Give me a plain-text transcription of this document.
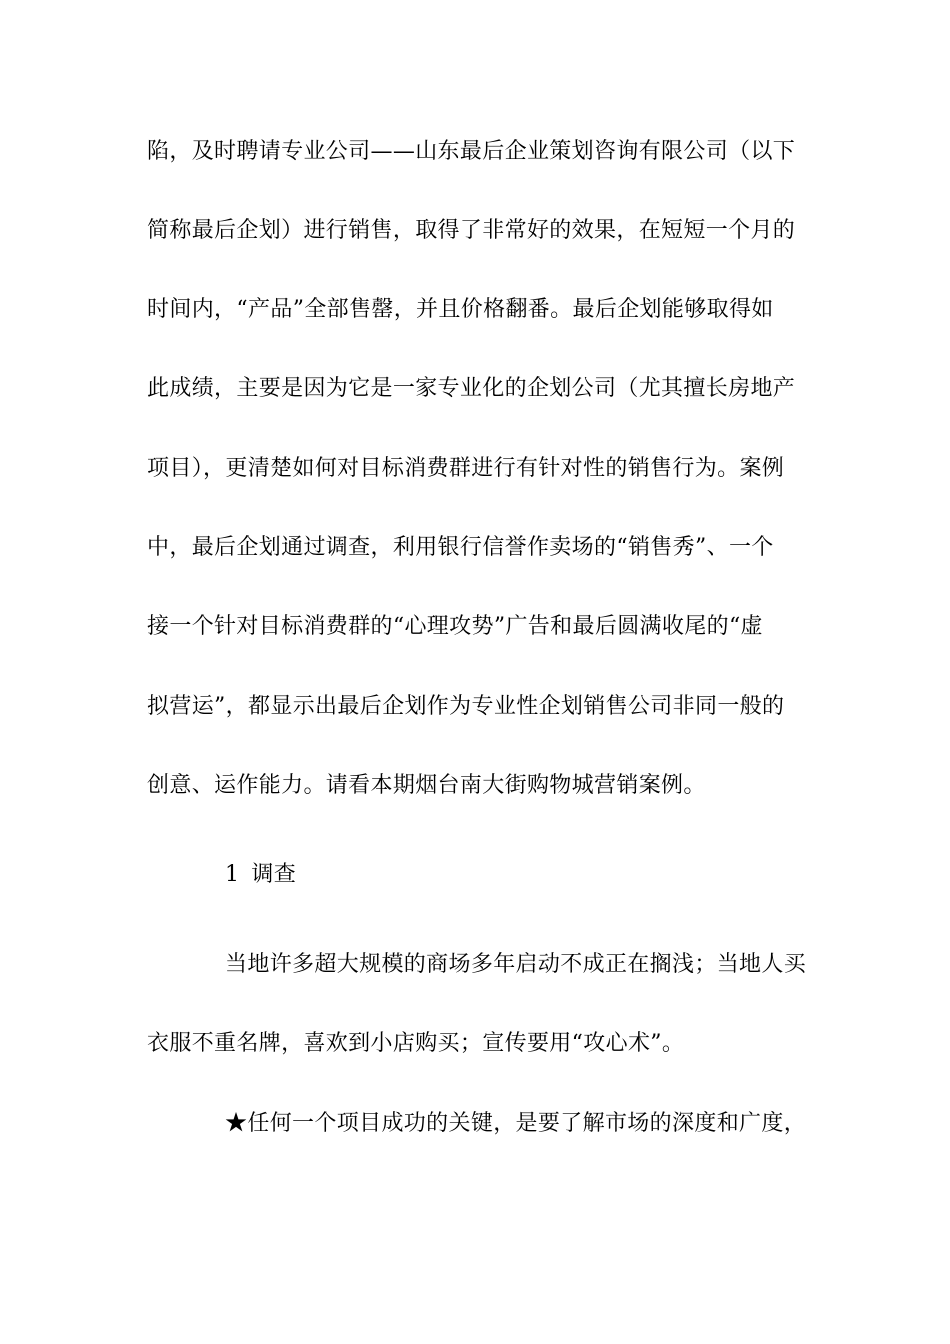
陷，及时聘请专业公司——山东最后企业策划咨询有限公司（以下
简称最后企划）进行销售，取得了非常好的效果，在短短一个月的
时间内，“产品”全部售罄，并且价格翻番。最后企划能够取得如
此成绩，主要是因为它是一家专业化的企划公司（尤其擅长房地产
项目），更清楚如何对目标消费群进行有针对性的销售行为。案例
中，最后企划通过调查，利用银行信誉作卖场的“销售秀”、一个
接一个针对目标消费群的“心理攻势”广告和最后圆满收尾的“虚
拟营运”，都显示出最后企划作为专业性企划销售公司非同一般的
创意、运作能力。请看本期烟台南大街购物城营销案例。
1 调查
当地许多超大规模的商场多年启动不成正在搁浅；当地人买
衣服不重名牌，喜欢到小店购买；宣传要用“攻心术”。
★任何一个项目成功的关键，是要了解市场的深度和广度，
